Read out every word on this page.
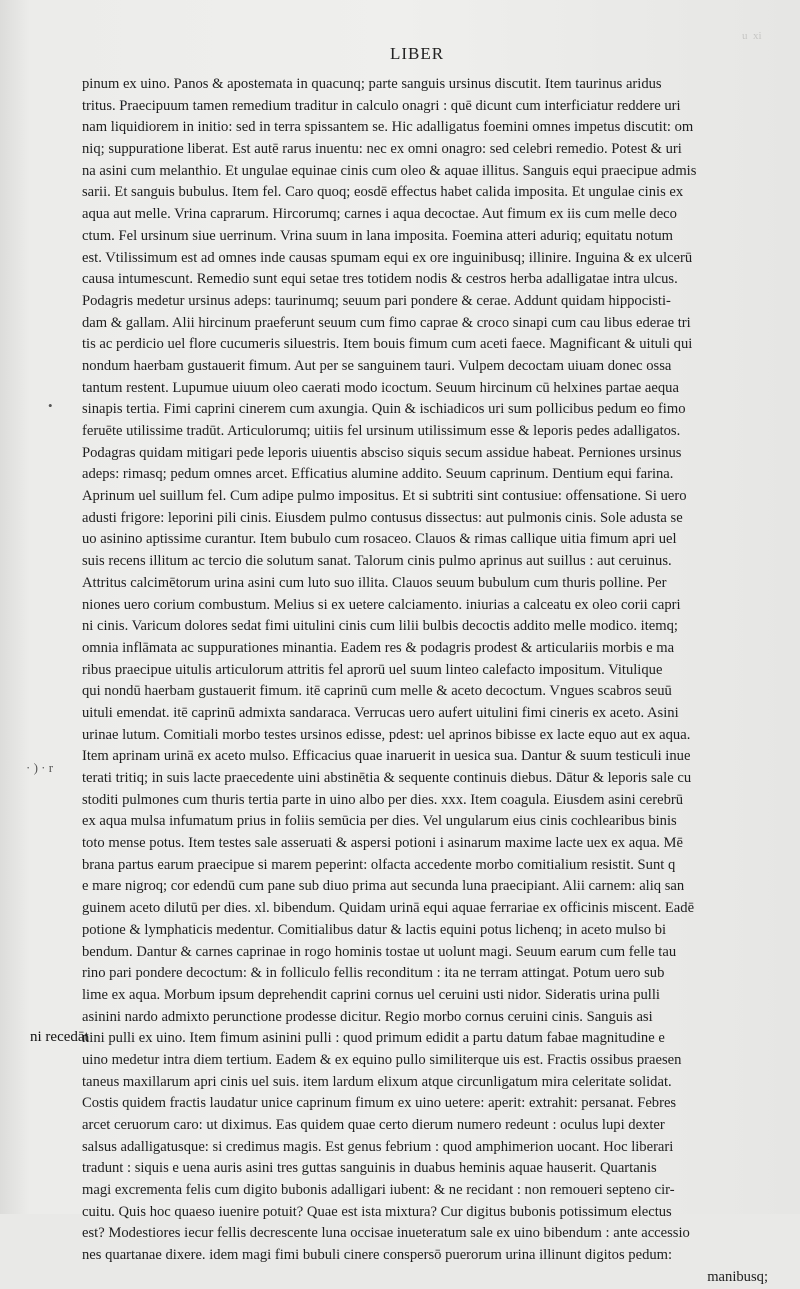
LIBER
u  xi
•
· ) · r
pinum ex uino. Panos & apostemata in quacunq; parte sanguis ursinus discutit. Item taurinus aridus
tritus. Praecipuum tamen remedium traditur in calculo onagri : quē dicunt cum interficiatur reddere uri
nam liquidiorem in initio: sed in terra spissantem se. Hic adalligatus foemini omnes impetus discutit: om
niq; suppuratione liberat. Est autē rarus inuentu: nec ex omni onagro: sed celebri remedio. Potest & uri
na asini cum melanthio. Et ungulae equinae cinis cum oleo & aquae illitus. Sanguis equi praecipue admis
sarii. Et sanguis bubulus. Item fel. Caro quoq; eosdē effectus habet calida imposita. Et ungulae cinis ex
aqua aut melle. Vrina caprarum. Hircorumq; carnes i aqua decoctae. Aut fimum ex iis cum melle deco
ctum. Fel ursinum siue uerrinum. Vrina suum in lana imposita. Foemina atteri aduriq; equitatu notum
est. Vtilissimum est ad omnes inde causas spumam equi ex ore inguinibusq; illinire. Inguina & ex ulcerū
causa intumescunt. Remedio sunt equi setae tres totidem nodis & cestros herba adalligatae intra ulcus.
Podagris medetur ursinus adeps: taurinumq; seuum pari pondere & cerae. Addunt quidam hippocisti-
dam & gallam. Alii hircinum praeferunt seuum cum fimo caprae & croco sinapi cum cau libus ederae tri
tis ac perdicio uel flore cucumeris siluestris. Item bouis fimum cum aceti faece. Magnificant & uituli qui
nondum haerbam gustauerit fimum. Aut per se sanguinem tauri. Vulpem decoctam uiuam donec ossa
tantum restent. Lupumue uiuum oleo caerati modo icoctum. Seuum hircinum cū helxines partae aequa
sinapis tertia. Fimi caprini cinerem cum axungia. Quin & ischiadicos uri sum pollicibus pedum eo fimo
feruēte utilissime tradūt. Articulorumq; uitiis fel ursinum utilissimum esse & leporis pedes adalligatos.
Podagras quidam mitigari pede leporis uiuentis absciso siquis secum assidue habeat. Perniones ursinus
adeps: rimasq; pedum omnes arcet. Efficatius alumine addito. Seuum caprinum. Dentium equi farina.
Aprinum uel suillum fel. Cum adipe pulmo impositus. Et si subtriti sint contusiue: offensatione. Si uero
adusti frigore: leporini pili cinis. Eiusdem pulmo contusus dissectus: aut pulmonis cinis. Sole adusta se
uo asinino aptissime curantur. Item bubulo cum rosaceo. Clauos & rimas callique uitia fimum apri uel
suis recens illitum ac tercio die solutum sanat. Talorum cinis pulmo aprinus aut suillus : aut ceruinus.
Attritus calcimētorum urina asini cum luto suo illita. Clauos seuum bubulum cum thuris polline. Per
niones uero corium combustum. Melius si ex uetere calciamento. iniurias a calceatu ex oleo corii capri
ni cinis. Varicum dolores sedat fimi uitulini cinis cum lilii bulbis decoctis addito melle modico. itemq;
omnia inflāmata ac suppurationes minantia. Eadem res & podagris prodest & articulariis morbis e ma
ribus praecipue uitulis articulorum attritis fel aprorū uel suum linteo calefacto impositum. Vitulique
qui nondū haerbam gustauerit fimum. itē caprinū cum melle & aceto decoctum. Vngues scabros seuū
uituli emendat. itē caprinū admixta sandaraca. Verrucas uero aufert uitulini fimi cineris ex aceto. Asini
urinae lutum. Comitiali morbo testes ursinos edisse, pdest: uel aprinos bibisse ex lacte equo aut ex aqua.
Item aprinam urinā ex aceto mulso. Efficacius quae inaruerit in uesica sua. Dantur & suum testiculi inue
terati tritiq; in suis lacte praecedente uini abstinētia & sequente continuis diebus. Dātur & leporis sale cu
stoditi pulmones cum thuris tertia parte in uino albo per dies. xxx. Item coagula. Eiusdem asini cerebrū
ex aqua mulsa infumatum prius in foliis semūcia per dies. Vel ungularum eius cinis cochlearibus binis
toto mense potus. Item testes sale asseruati & aspersi potioni i asinarum maxime lacte uex ex aqua. Mē
brana partus earum praecipue si marem peperint: olfacta accedente morbo comitialium resistit. Sunt q
e mare nigroq; cor edendū cum pane sub diuo prima aut secunda luna praecipiant. Alii carnem: aliq san
guinem aceto dilutū per dies. xl. bibendum. Quidam urinā equi aquae ferrariae ex officinis miscent. Eadē
potione & lymphaticis medentur. Comitialibus datur & lactis equini potus lichenq; in aceto mulso bi
bendum. Dantur & carnes caprinae in rogo hominis tostae ut uolunt magi. Seuum earum cum felle tau
rino pari pondere decoctum: & in folliculo fellis reconditum : ita ne terram attingat. Potum uero sub
lime ex aqua. Morbum ipsum deprehendit caprini cornus uel ceruini usti nidor. Sideratis urina pulli
asinini nardo admixto perunctione prodesse dicitur. Regio morbo cornus ceruini cinis. Sanguis asi
nini pulli ex uino. Item fimum asinini pulli : quod primum edidit a partu datum fabae magnitudine e
uino medetur intra diem tertium. Eadem & ex equino pullo similiterque uis est. Fractis ossibus praesen
taneus maxillarum apri cinis uel suis. item lardum elixum atque circunligatum mira celeritate solidat.
Costis quidem fractis laudatur unice caprinum fimum ex uino uetere: aperit: extrahit: persanat. Febres
arcet ceruorum caro: ut diximus. Eas quidem quae certo dierum numero redeunt : oculus lupi dexter
salsus adalligatusque: si credimus magis. Est genus febrium : quod amphimerion uocant. Hoc liberari
tradunt : siquis e uena auris asini tres guttas sanguinis in duabus heminis aquae hauserit. Quartanis
magi excrementa felis cum digito bubonis adalligari iubent: & ne recidant : non remoueri septeno cir-
cuitu. Quis hoc quaeso iuenire potuit? Quae est ista mixtura? Cur digitus bubonis potissimum electus
est? Modestiores iecur fellis decrescente luna occisae inueteratum sale ex uino bibendum : ante accessio
nes quartanae dixere. idem magi fimi bubuli cinere conspersō puerorum urina illinunt digitos pedum:
manibusq;
ni recedāt
